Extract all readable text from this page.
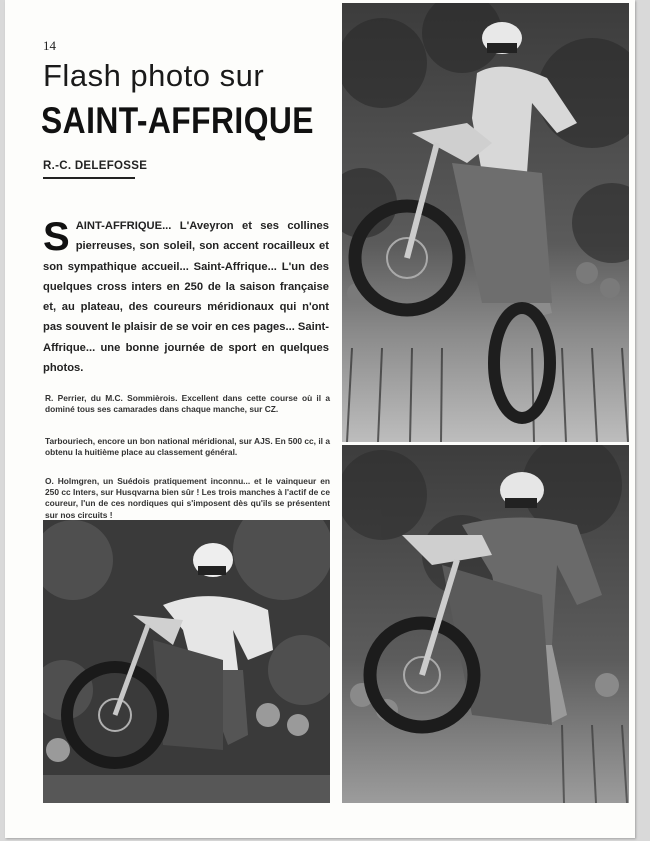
14
Flash photo sur
SAINT-AFFRIQUE
R.-C. DELEFOSSE
S AINT-AFFRIQUE... L'Aveyron et ses collines pierreuses, son soleil, son accent rocailleux et son sympathique accueil... Saint-Affrique... L'un des quelques cross inters en 250 de la saison française et, au plateau, des coureurs méridionaux qui n'ont pas souvent le plaisir de se voir en ces pages... Saint-Affrique... une bonne journée de sport en quelques photos.
R. Perrier, du M.C. Sommièrois. Excellent dans cette course où il a dominé tous ses camarades dans chaque manche, sur CZ.
Tarbouriech, encore un bon national méridional, sur AJS. En 500 cc, il a obtenu la huitième place au classement général.
O. Holmgren, un Suédois pratiquement inconnu... et le vainqueur en 250 cc Inters, sur Husqvarna bien sûr ! Les trois manches à l'actif de ce coureur, l'un de ces nordiques qui s'imposent dès qu'ils se présentent sur nos circuits !
